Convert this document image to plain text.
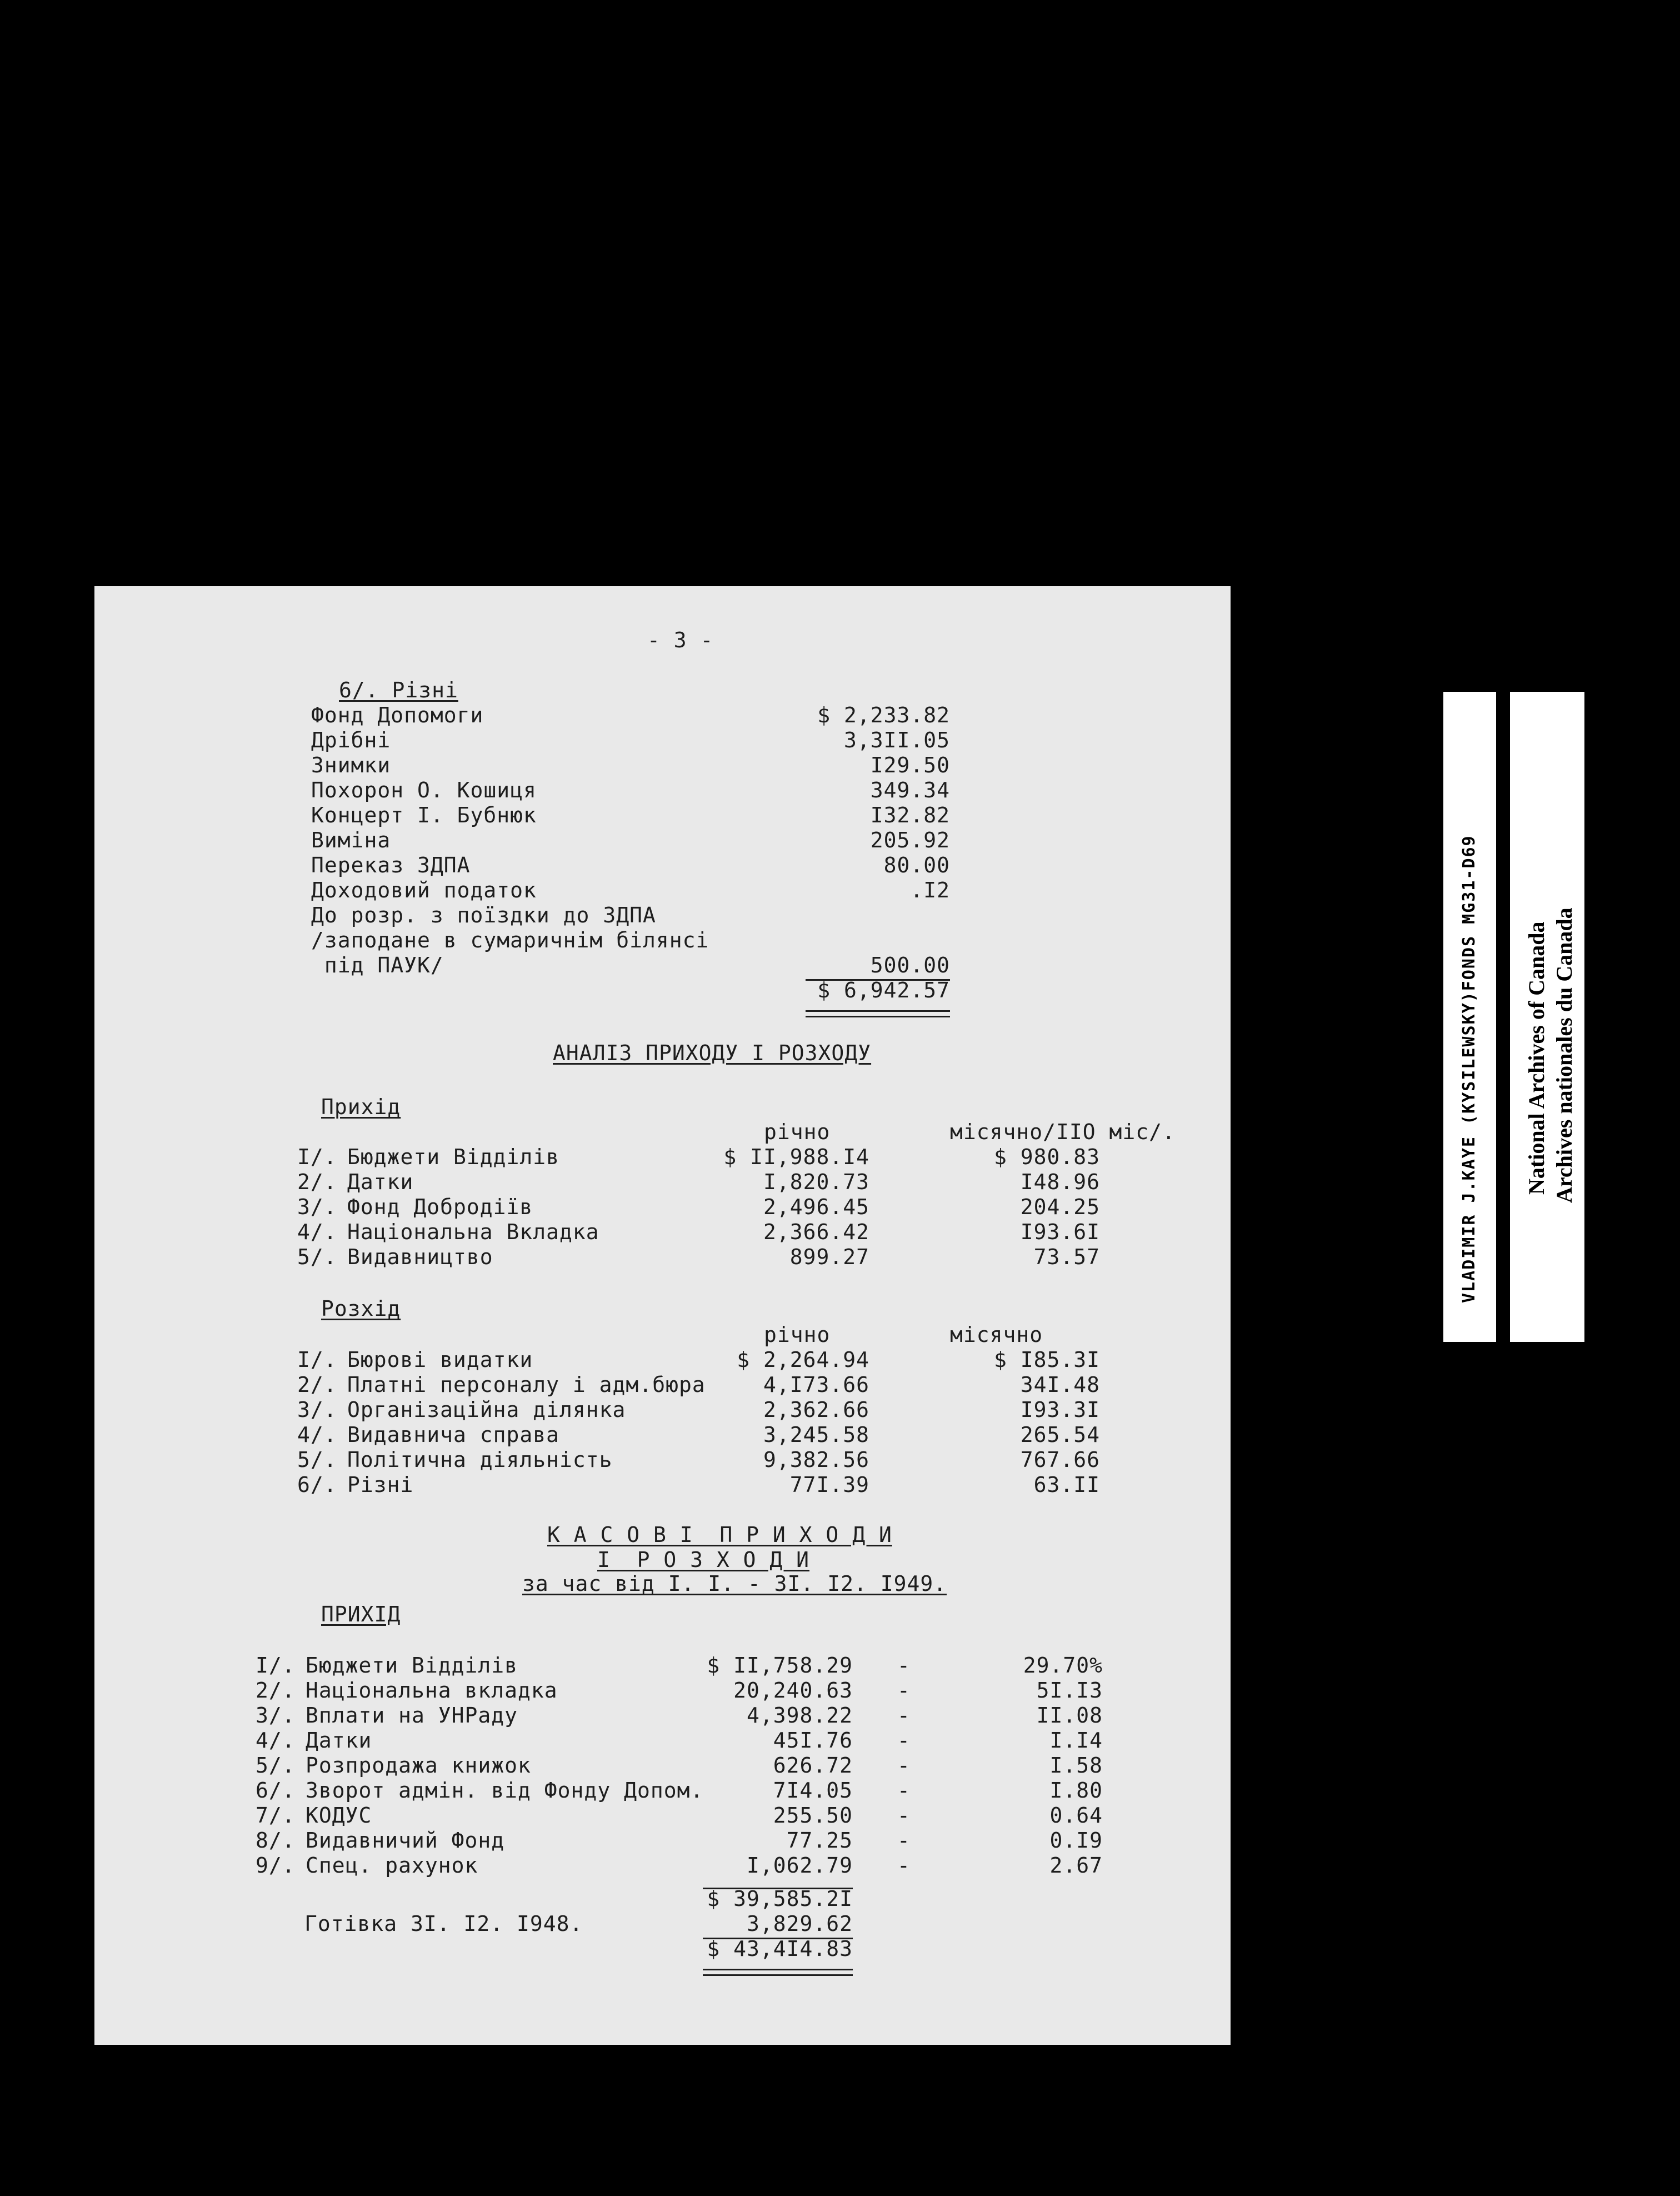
- 3 -
6/. Різні
Фонд Допомоги	$ 2,233.82
Дрібні	3,3II.05
Знимки	I29.50
Похорон О. Кошиця	349.34
Концерт І. Бубнюк	I32.82
Виміна	205.92
Переказ ЗДПА	80.00
Доходовий податок	.I2
До розр. з поїздки до ЗДПА
/заподане в сумаричнім білянсі
під ПАУК/	500.00
$ 6,942.57
АНАЛІЗ ПРИХОДУ І РОЗХОДУ
Прихід
річно	місячно/IIO міс/.
I/. Бюджети Відділів	$ II,988.I4	$ 980.83
2/. Датки	I,820.73	I48.96
3/. Фонд Добродіїв	2,496.45	204.25
4/. Національна Вкладка	2,366.42	I93.6I
5/. Видавництво	899.27	73.57
Розхід
річно	місячно
I/. Бюрові видатки	$ 2,264.94	$ I85.3I
2/. Платні персоналу і адм.бюра	4,I73.66	34I.48
3/. Організаційна ділянка	2,362.66	I93.3I
4/. Видавнича справа	3,245.58	265.54
5/. Політична діяльність	9,382.56	767.66
6/. Різні	77I.39	63.II
К А С О В І  П Р И Х О Д И
І  Р О З Х О Д И
за час від I. I. - 3I. I2. I949.
ПРИХІД
I/. Бюджети Відділів	$ II,758.29 -	29.70%
2/. Національна вкладка	20,240.63 -	5I.I3
3/. Вплати на УНРаду	4,398.22 -	II.08
4/. Датки	45I.76 -	I.I4
5/. Розпродажа книжок	626.72 -	I.58
6/. Зворот адмін. від Фонду Допом.	7I4.05 -	I.80
7/. КОДУС	255.50 -	0.64
8/. Видавничий Фонд	77.25 -	0.I9
9/. Спец. рахунок	I,062.79 -	2.67
$ 39,585.2I
Готівка 3I. I2. I948.	3,829.62
$ 43,4I4.83
VLADIMIR J.KAYE (KYSILEWSKY)FONDS MG31-D69 National Archives of Canada Archives nationales du Canada
